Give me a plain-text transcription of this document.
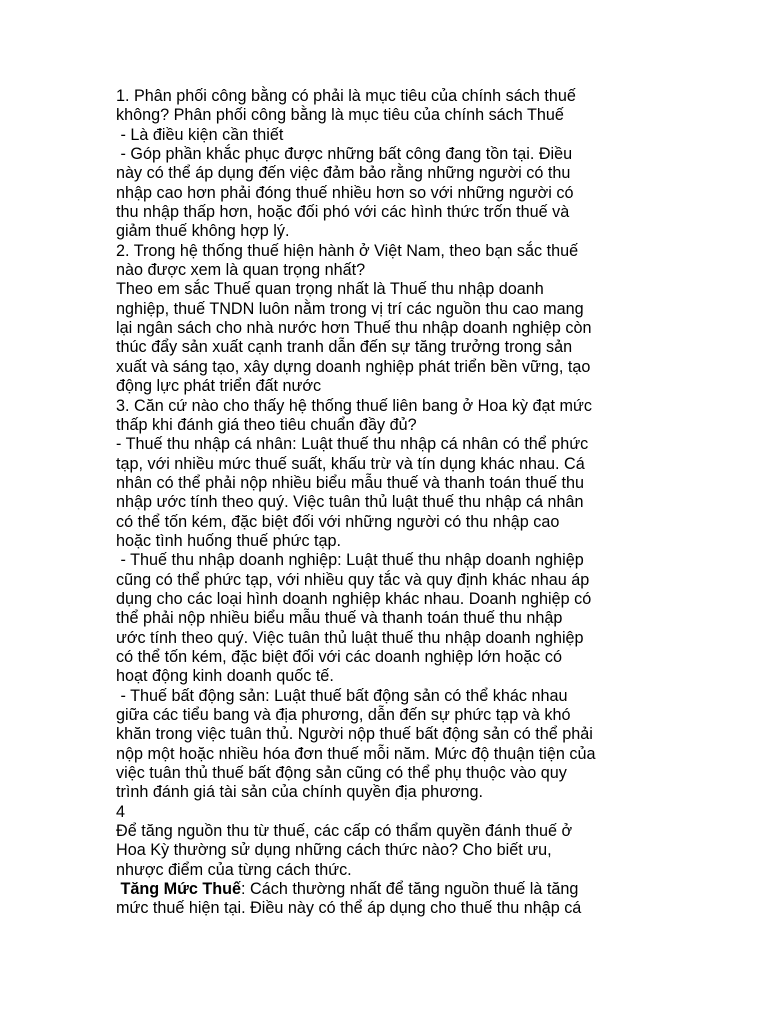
1. Phân phối công bằng có phải là mục tiêu của chính sách thuế
không? Phân phối công bằng là mục tiêu của chính sách Thuế
- Là điều kiện cần thiết
- Góp phần khắc phục được những bất công đang tồn tại. Điều
này có thể áp dụng đến việc đảm bảo rằng những người có thu
nhập cao hơn phải đóng thuế nhiều hơn so với những người có
thu nhập thấp hơn, hoặc đối phó với các hình thức trốn thuế và
giảm thuế không hợp lý.
2. Trong hệ thống thuế hiện hành ở Việt Nam, theo bạn sắc thuế
nào được xem là quan trọng nhất?
Theo em sắc Thuế quan trọng nhất là Thuế thu nhập doanh
nghiệp, thuế TNDN luôn nằm trong vị trí các nguồn thu cao mang
lại ngân sách cho nhà nước hơn Thuế thu nhập doanh nghiệp còn
thúc đẩy sản xuất cạnh tranh dẫn đến sự tăng trưởng trong sản
xuất và sáng tạo, xây dựng doanh nghiệp phát triển bền vững, tạo
động lực phát triển đất nước
3. Căn cứ nào cho thấy hệ thống thuế liên bang ở Hoa kỳ đạt mức
thấp khi đánh giá theo tiêu chuẩn đầy đủ?
- Thuế thu nhập cá nhân: Luật thuế thu nhập cá nhân có thể phức
tạp, với nhiều mức thuế suất, khấu trừ và tín dụng khác nhau. Cá
nhân có thể phải nộp nhiều biểu mẫu thuế và thanh toán thuế thu
nhập ước tính theo quý. Việc tuân thủ luật thuế thu nhập cá nhân
có thể tốn kém, đặc biệt đối với những người có thu nhập cao
hoặc tình huống thuế phức tạp.
- Thuế thu nhập doanh nghiệp: Luật thuế thu nhập doanh nghiệp
cũng có thể phức tạp, với nhiều quy tắc và quy định khác nhau áp
dụng cho các loại hình doanh nghiệp khác nhau. Doanh nghiệp có
thể phải nộp nhiều biểu mẫu thuế và thanh toán thuế thu nhập
ước tính theo quý. Việc tuân thủ luật thuế thu nhập doanh nghiệp
có thể tốn kém, đặc biệt đối với các doanh nghiệp lớn hoặc có
hoạt động kinh doanh quốc tế.
- Thuế bất động sản: Luật thuế bất động sản có thể khác nhau
giữa các tiểu bang và địa phương, dẫn đến sự phức tạp và khó
khăn trong việc tuân thủ. Người nộp thuế bất động sản có thể phải
nộp một hoặc nhiều hóa đơn thuế mỗi năm. Mức độ thuận tiện của
việc tuân thủ thuế bất động sản cũng có thể phụ thuộc vào quy
trình đánh giá tài sản của chính quyền địa phương.
4
Để tăng nguồn thu từ thuế, các cấp có thẩm quyền đánh thuế ở
Hoa Kỳ thường sử dụng những cách thức nào? Cho biết ưu,
nhược điểm của từng cách thức.
Tăng Mức Thuế: Cách thường nhất để tăng nguồn thuế là tăng
mức thuế hiện tại. Điều này có thể áp dụng cho thuế thu nhập cá
